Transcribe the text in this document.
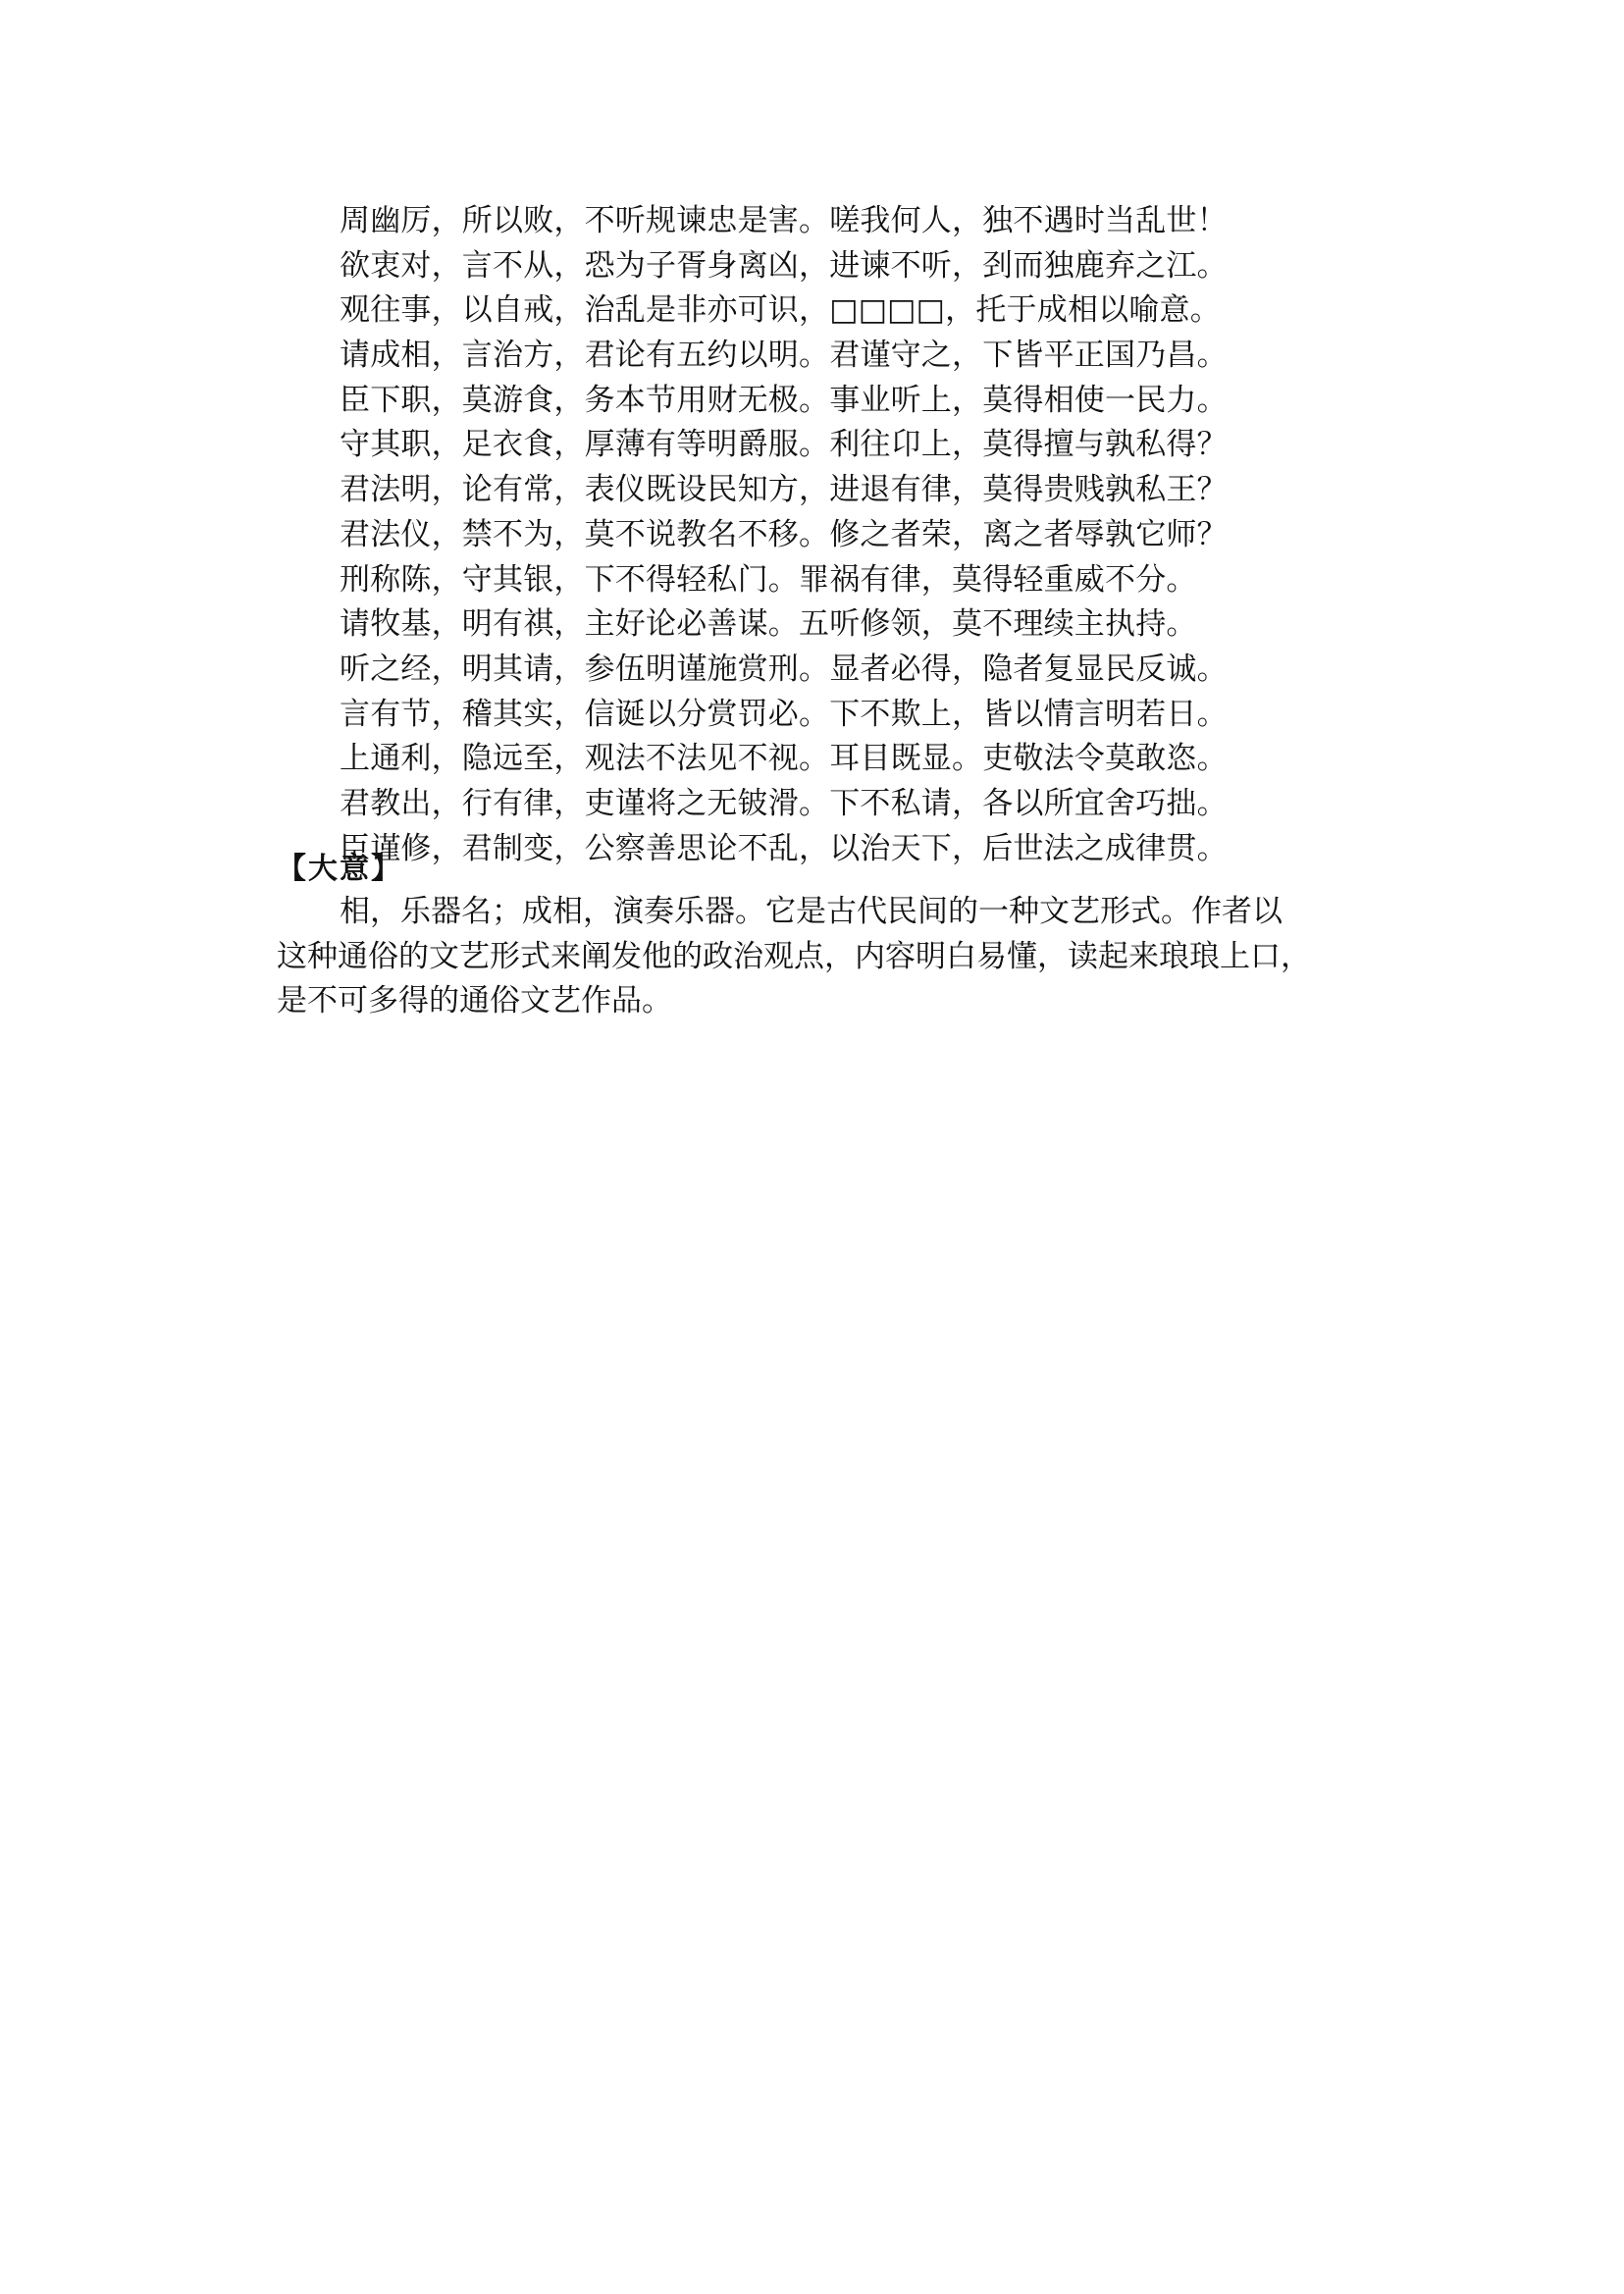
周幽厉，所以败，不听规谏忠是害。嗟我何人，独不遇时当乱世！
欲衷对，言不从，恐为子胥身离凶，进谏不听，刭而独鹿弃之江。
观往事，以自戒，治乱是非亦可识，□□□□，托于成相以喻意。
请成相，言治方，君论有五约以明。君谨守之，下皆平正国乃昌。
臣下职，莫游食，务本节用财无极。事业听上，莫得相使一民力。
守其职，足衣食，厚薄有等明爵服。利往卬上，莫得擅与孰私得？
君法明，论有常，表仪既设民知方，进退有律，莫得贵贱孰私王？
君法仪，禁不为，莫不说教名不移。修之者荣，离之者辱孰它师？
刑称陈，守其银，下不得轻私门。罪祸有律，莫得轻重威不分。
请牧基，明有祺，主好论必善谋。五听修领，莫不理续主执持。
听之经，明其请，参伍明谨施赏刑。显者必得，隐者复显民反诚。
言有节，稽其实，信诞以分赏罚必。下不欺上，皆以情言明若日。
上通利，隐远至，观法不法见不视。耳目既显。吏敬法令莫敢恣。
君教出，行有律，吏谨将之无铍滑。下不私请，各以所宜舍巧拙。
臣谨修，君制变，公察善思论不乱，以治天下，后世法之成律贯。
【大意】
相，乐器名；成相，演奏乐器。它是古代民间的一种文艺形式。作者以
这种通俗的文艺形式来阐发他的政治观点，内容明白易懂，读起来琅琅上口，
是不可多得的通俗文艺作品。
